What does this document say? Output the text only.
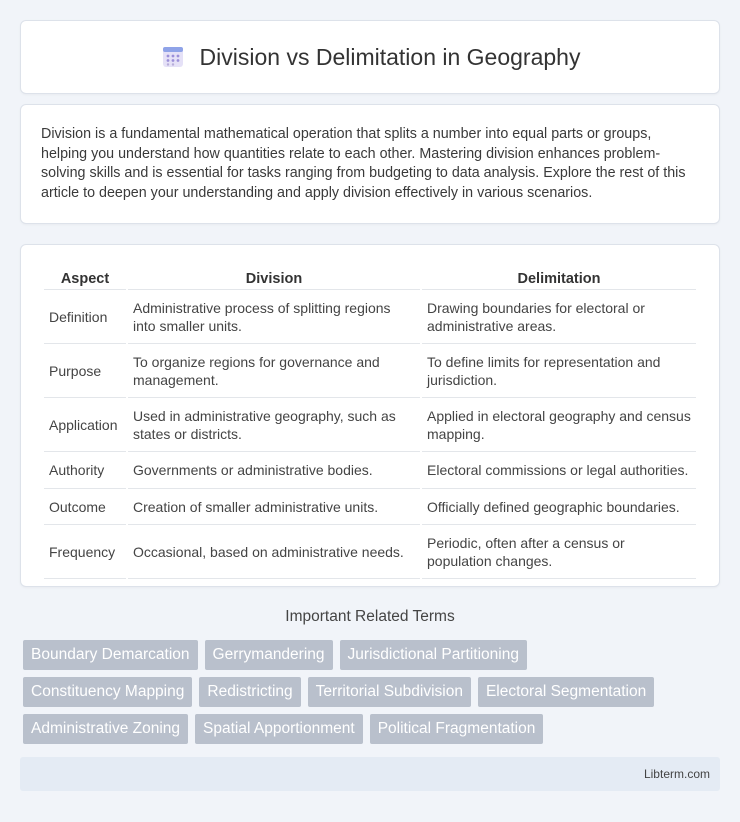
Division vs Delimitation in Geography

Division is a fundamental mathematical operation that splits a number into equal parts or groups, helping you understand how quantities relate to each other. Mastering division enhances problem-solving skills and is essential for tasks ranging from budgeting to data analysis. Explore the rest of this article to deepen your understanding and apply division effectively in various scenarios.

Aspect	Division	Delimitation
Definition	Administrative process of splitting regions into smaller units.	Drawing boundaries for electoral or administrative areas.
Purpose	To organize regions for governance and management.	To define limits for representation and jurisdiction.
Application	Used in administrative geography, such as states or districts.	Applied in electoral geography and census mapping.
Authority	Governments or administrative bodies.	Electoral commissions or legal authorities.
Outcome	Creation of smaller administrative units.	Officially defined geographic boundaries.
Frequency	Occasional, based on administrative needs.	Periodic, often after a census or population changes.
Important Related Terms
Boundary Demarcation	Gerrymandering	Jurisdictional Partitioning
Constituency Mapping	Redistricting	Territorial Subdivision	Electoral Segmentation
Administrative Zoning	Spatial Apportionment	Political Fragmentation
Libterm.com
